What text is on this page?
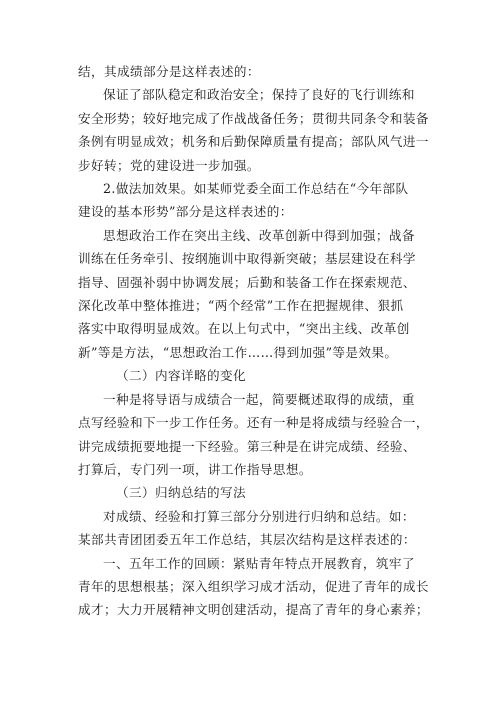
结，其成绩部分是这样表述的：
保证了部队稳定和政治安全；保持了良好的飞行训练和
安全形势；较好地完成了作战战备任务；贯彻共同条令和装备
条例有明显成效；机务和后勤保障质量有提高；部队风气进一
步好转；党的建设进一步加强。
2.做法加效果。如某师党委全面工作总结在“今年部队
建设的基本形势”部分是这样表述的：
思想政治工作在突出主线、改革创新中得到加强；战备
训练在任务牵引、按纲施训中取得新突破；基层建设在科学
指导、固强补弱中协调发展；后勤和装备工作在探索规范、
深化改革中整体推进；“两个经常”工作在把握规律、狠抓
落实中取得明显成效。在以上句式中，“突出主线、改革创
新”等是方法，“思想政治工作……得到加强”等是效果。
（二）内容详略的变化
一种是将导语与成绩合一起，简要概述取得的成绩，重
点写经验和下一步工作任务。还有一种是将成绩与经验合一，
讲完成绩扼要地提一下经验。第三种是在讲完成绩、经验、
打算后，专门列一项，讲工作指导思想。
（三）归纳总结的写法
对成绩、经验和打算三部分分别进行归纳和总结。如：
某部共青团团委五年工作总结，其层次结构是这样表述的：
一、五年工作的回顾：紧贴青年特点开展教育，筑牢了
青年的思想根基；深入组织学习成才活动，促进了青年的成长
成才；大力开展精神文明创建活动，提高了青年的身心素养；
